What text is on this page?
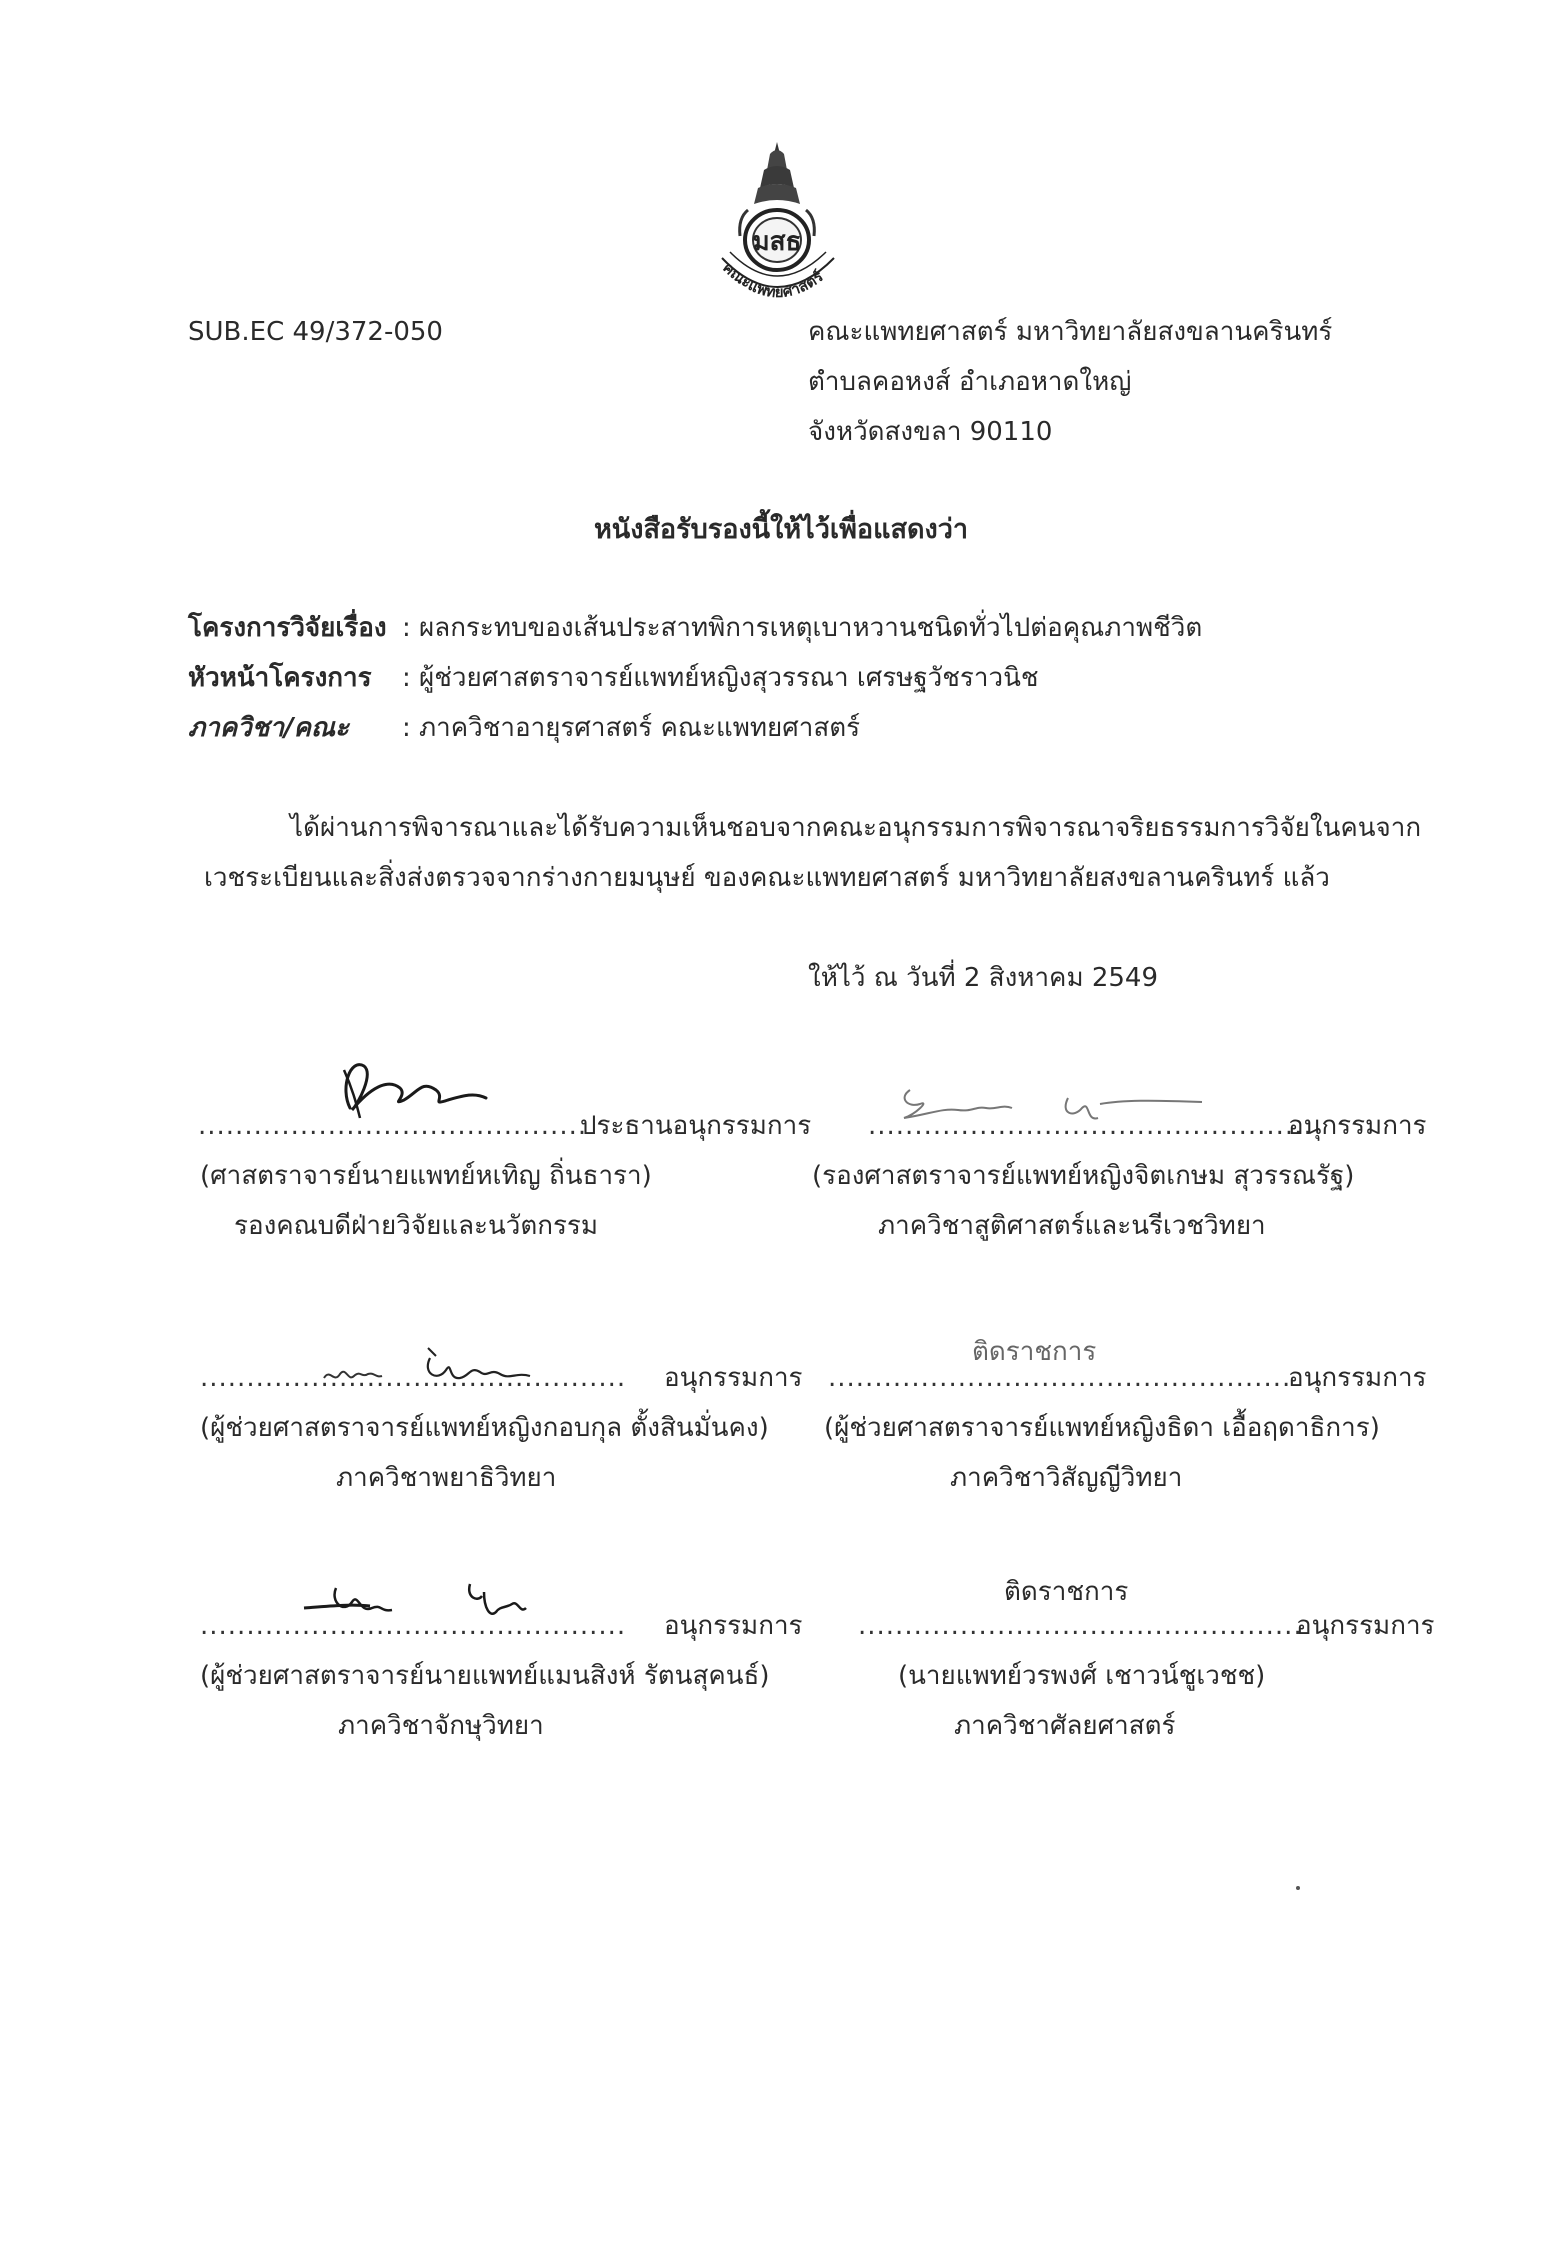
มสธ
คณะแพทยศาสตร์
SUB.EC 49/372-050	คณะแพทยศาสตร์ มหาวิทยาลัยสงขลานครินทร์
ตำบลคอหงส์ อำเภอหาดใหญ่
จังหวัดสงขลา 90110
หนังสือรับรองนี้ให้ไว้เพื่อแสดงว่า
โครงการวิจัยเรื่อง : ผลกระทบของเส้นประสาทพิการเหตุเบาหวานชนิดทั่วไปต่อคุณภาพชีวิต
หัวหน้าโครงการ : ผู้ช่วยศาสตราจารย์แพทย์หญิงสุวรรณา เศรษฐวัชราวนิช
ภาควิชา/คณะ : ภาควิชาอายุรศาสตร์ คณะแพทยศาสตร์
ได้ผ่านการพิจารณาและได้รับความเห็นชอบจากคณะอนุกรรมการพิจารณาจริยธรรมการวิจัยในคนจาก
เวชระเบียนและสิ่งส่งตรวจจากร่างกายมนุษย์ ของคณะแพทยศาสตร์ มหาวิทยาลัยสงขลานครินทร์ แล้ว
ให้ไว้ ณ วันที่ 2 สิงหาคม 2549
..........................................
ประธานอนุกรรมการ
(ศาสตราจารย์นายแพทย์หเทิญ ถิ่นธารา)
รองคณบดีฝ่ายวิจัยและนวัตกรรม
................................................
อนุกรรมการ
(รองศาสตราจารย์แพทย์หญิงจิตเกษม สุวรรณรัฐ)
ภาควิชาสูติศาสตร์และนรีเวชวิทยา
.............................................. อนุกรรมการ
(ผู้ช่วยศาสตราจารย์แพทย์หญิงกอบกุล ตั้งสินมั่นคง)
ภาควิชาพยาธิวิทยา
ติดราชการ
..................................................
อนุกรรมการ
(ผู้ช่วยศาสตราจารย์แพทย์หญิงธิดา เอื้อฤดาธิการ)
ภาควิชาวิสัญญีวิทยา
.............................................. อนุกรรมการ
(ผู้ช่วยศาสตราจารย์นายแพทย์แมนสิงห์ รัตนสุคนธ์)
ภาควิชาจักษุวิทยา
ติดราชการ
................................................
อนุกรรมการ
(นายแพทย์วรพงศ์ เชาวน์ชูเวชช)
ภาควิชาศัลยศาสตร์
